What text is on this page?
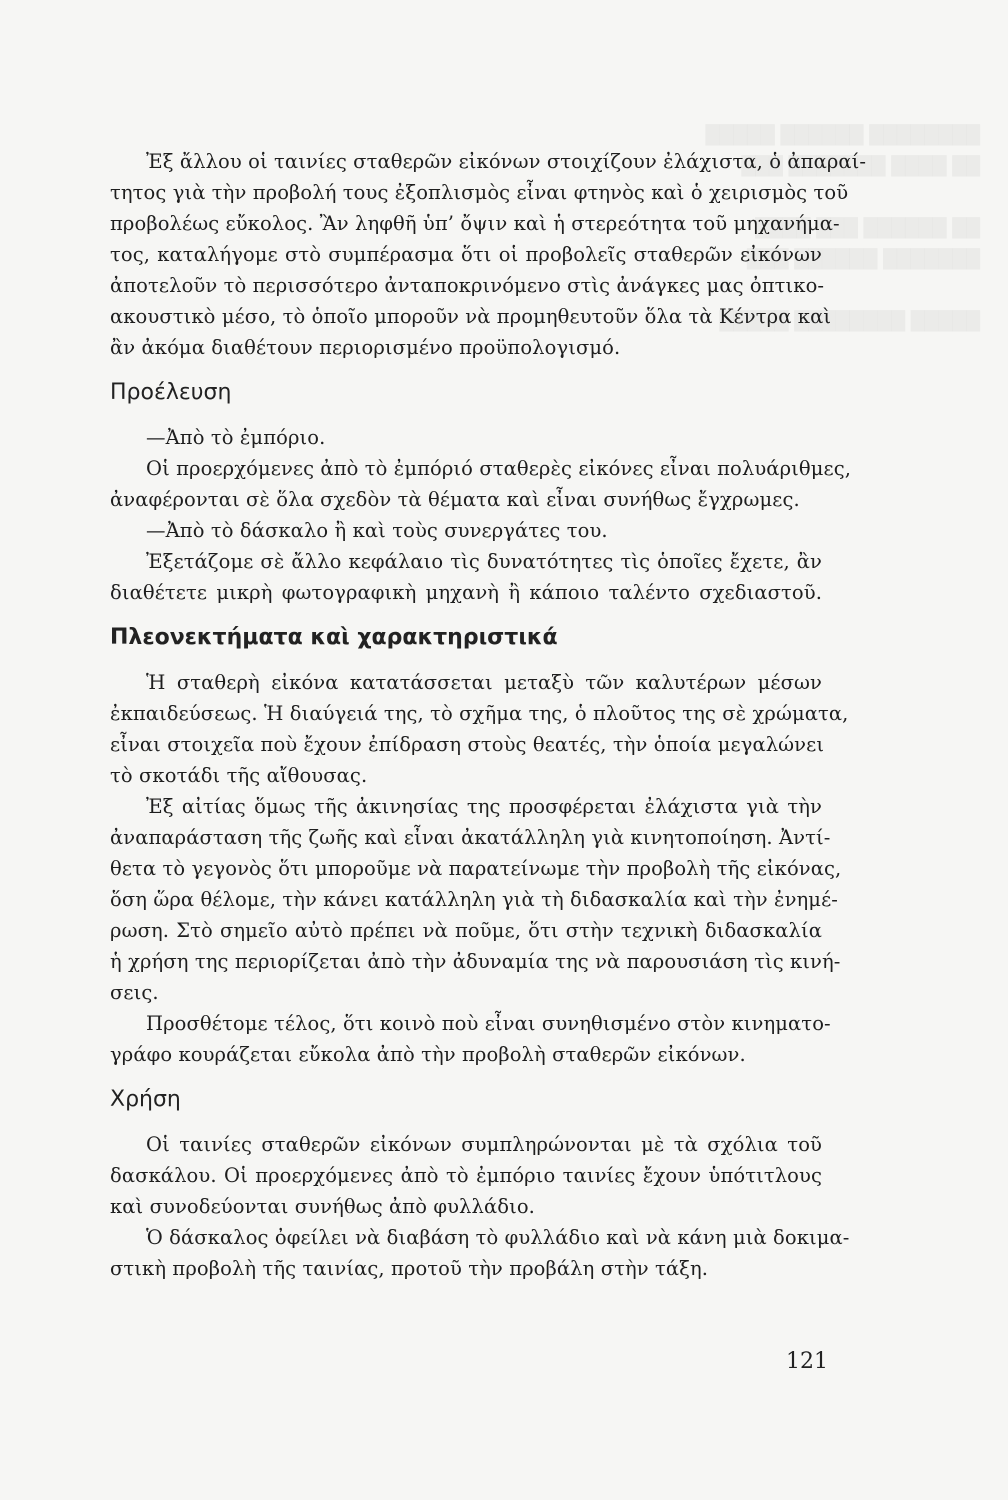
Ἐξ ἄλλου οἱ ταινίες σταθερῶν εἰκόνων στοιχίζουν ἐλάχιστα, ὁ ἀπαραί-
τητος γιὰ τὴν προβολή τους ἐξοπλισμὸς εἶναι φτηνὸς καὶ ὁ χειρισμὸς τοῦ
προβολέως εὔκολος. Ἂν ληφθῆ ὑπ’ ὄψιν καὶ ἡ στερεότητα τοῦ μηχανήμα-
τος, καταλήγομε στὸ συμπέρασμα ὅτι οἱ προβολεῖς σταθερῶν εἰκόνων
ἀποτελοῦν τὸ περισσότερο ἀνταποκρινόμενο στὶς ἀνάγκες μας ὀπτικο-
ακουστικὸ μέσο, τὸ ὁποῖο μποροῦν νὰ προμηθευτοῦν ὅλα τὰ Κέντρα καὶ
ἂν ἀκόμα διαθέτουν περιορισμένο προϋπολογισμό.
Προέλευση
—Ἀπὸ τὸ ἐμπόριο.
Οἱ προερχόμενες ἀπὸ τὸ ἐμπόριό σταθερὲς εἰκόνες εἶναι πολυάριθμες,
ἀναφέρονται σὲ ὅλα σχεδὸν τὰ θέματα καὶ εἶναι συνήθως ἔγχρωμες.
—Ἀπὸ τὸ δάσκαλο ἢ καὶ τοὺς συνεργάτες του.
Ἐξετάζομε σὲ ἄλλο κεφάλαιο τὶς δυνατότητες τὶς ὁποῖες ἔχετε, ἂν
διαθέτετε μικρὴ φωτογραφικὴ μηχανὴ ἢ κάποιο ταλέντο σχεδιαστοῦ.
Πλεονεκτήματα καὶ χαρακτηριστικά
Ἡ σταθερὴ εἰκόνα κατατάσσεται μεταξὺ τῶν καλυτέρων μέσων
ἐκπαιδεύσεως. Ἡ διαύγειά της, τὸ σχῆμα της, ὁ πλοῦτος της σὲ χρώματα,
εἶναι στοιχεῖα ποὺ ἔχουν ἐπίδραση στοὺς θεατές, τὴν ὁποία μεγαλώνει
τὸ σκοτάδι τῆς αἴθουσας.
Ἐξ αἰτίας ὅμως τῆς ἀκινησίας της προσφέρεται ἐλάχιστα γιὰ τὴν
ἀναπαράσταση τῆς ζωῆς καὶ εἶναι ἀκατάλληλη γιὰ κινητοποίηση. Ἀντί-
θετα τὸ γεγονὸς ὅτι μποροῦμε νὰ παρατείνωμε τὴν προβολὴ τῆς εἰκόνας,
ὅση ὥρα θέλομε, τὴν κάνει κατάλληλη γιὰ τὴ διδασκαλία καὶ τὴν ἐνημέ-
ρωση. Στὸ σημεῖο αὐτὸ πρέπει νὰ ποῦμε, ὅτι στὴν τεχνικὴ διδασκαλία
ἡ χρήση της περιορίζεται ἀπὸ τὴν ἀδυναμία της νὰ παρουσιάση τὶς κινή-
σεις.
Προσθέτομε τέλος, ὅτι κοινὸ ποὺ εἶναι συνηθισμένο στὸν κινηματο-
γράφο κουράζεται εὔκολα ἀπὸ τὴν προβολὴ σταθερῶν εἰκόνων.
Χρήση
Οἱ ταινίες σταθερῶν εἰκόνων συμπληρώνονται μὲ τὰ σχόλια τοῦ
δασκάλου. Οἱ προερχόμενες ἀπὸ τὸ ἐμπόριο ταινίες ἔχουν ὑπότιτλους
καὶ συνοδεύονται συνήθως ἀπὸ φυλλάδιο.
Ὁ δάσκαλος ὀφείλει νὰ διαβάση τὸ φυλλάδιο καὶ νὰ κάνη μιὰ δοκιμα-
στικὴ προβολὴ τῆς ταινίας, προτοῦ τὴν προβάλη στὴν τάξη.
121
